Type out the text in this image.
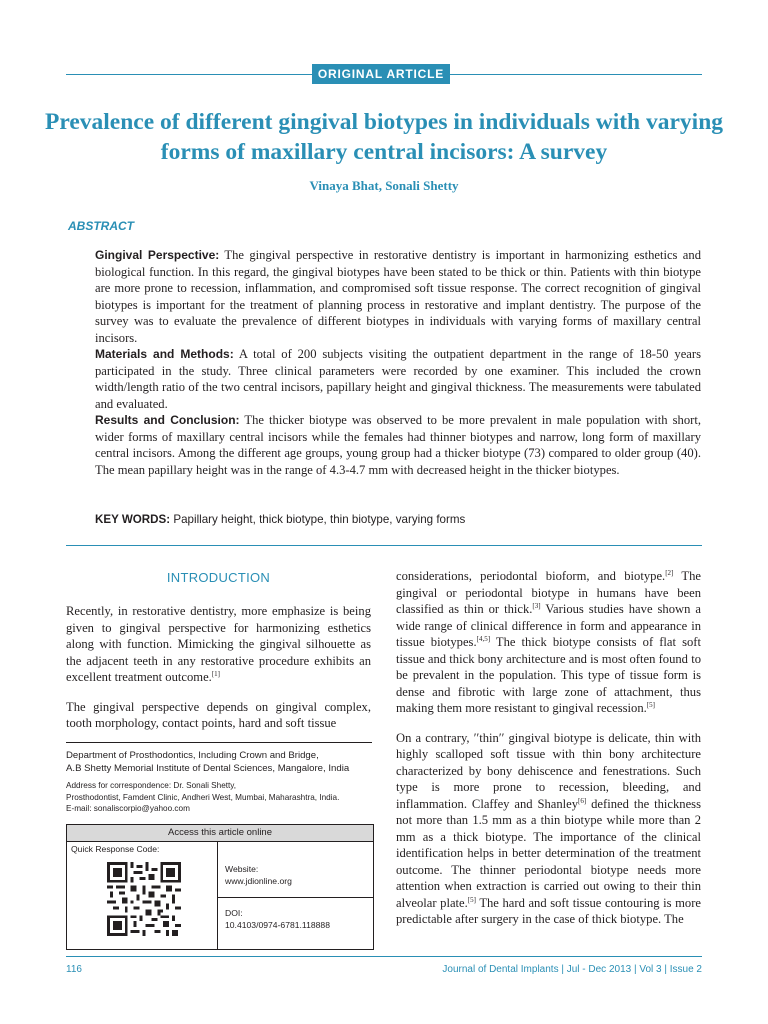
ORIGINAL ARTICLE
Prevalence of different gingival biotypes in individuals with varying forms of maxillary central incisors: A survey
Vinaya Bhat, Sonali Shetty
ABSTRACT

Gingival Perspective: The gingival perspective in restorative dentistry is important in harmonizing esthetics and biological function. In this regard, the gingival biotypes have been stated to be thick or thin. Patients with thin biotype are more prone to recession, inflammation, and compromised soft tissue response. The correct recognition of gingival biotypes is important for the treatment of planning process in restorative and implant dentistry. The purpose of the survey was to evaluate the prevalence of different biotypes in individuals with varying forms of maxillary central incisors.

Materials and Methods: A total of 200 subjects visiting the outpatient department in the range of 18-50 years participated in the study. Three clinical parameters were recorded by one examiner. This included the crown width/length ratio of the two central incisors, papillary height and gingival thickness. The measurements were tabulated and evaluated.

Results and Conclusion: The thicker biotype was observed to be more prevalent in male population with short, wider forms of maxillary central incisors while the females had thinner biotypes and narrow, long form of maxillary central incisors. Among the different age groups, young group had a thicker biotype (73) compared to older group (40). The mean papillary height was in the range of 4.3-4.7 mm with decreased height in the thicker biotypes.

KEY WORDS: Papillary height, thick biotype, thin biotype, varying forms
INTRODUCTION

Recently, in restorative dentistry, more emphasize is being given to gingival perspective for harmonizing esthetics along with function. Mimicking the gingival silhouette as the adjacent teeth in any restorative procedure exhibits an excellent treatment outcome.[1]

The gingival perspective depends on gingival complex, tooth morphology, contact points, hard and soft tissue

considerations, periodontal bioform, and biotype.[2] The gingival or periodontal biotype in humans have been classified as thin or thick.[3] Various studies have shown a wide range of clinical difference in form and appearance in tissue biotypes.[4,5] The thick biotype consists of flat soft tissue and thick bony architecture and is most often found to be prevalent in the population. This type of tissue form is dense and fibrotic with large zone of attachment, thus making them more resistant to gingival recession.[5]

On a contrary, ′′thin′′ gingival biotype is delicate, thin with highly scalloped soft tissue with thin bony architecture characterized by bony dehiscence and fenestrations. Such type is more prone to recession, bleeding, and inflammation. Claffey and Shanley[6] defined the thickness not more than 1.5 mm as a thin biotype while more than 2 mm as a thick biotype. The importance of the clinical identification helps in better determination of the treatment outcome. The thinner periodontal biotype needs more attention when extraction is carried out owing to their thin alveolar plate.[5] The hard and soft tissue contouring is more predictable after surgery in the case of thick biotype. The

Department of Prosthodontics, Including Crown and Bridge,
A.B Shetty Memorial Institute of Dental Sciences, Mangalore, India
Address for correspondence: Dr. Sonali Shetty,
Prosthodontist, Famdent Clinic, Andheri West, Mumbai, Maharashtra, India.
E-mail: sonaliscorpio@yahoo.com
Access this article online
Quick Response Code:
Website:
www.jdionline.org
DOI:
10.4103/0974-6781.118888
116	Journal of Dental Implants | Jul - Dec 2013 | Vol 3 | Issue 2
